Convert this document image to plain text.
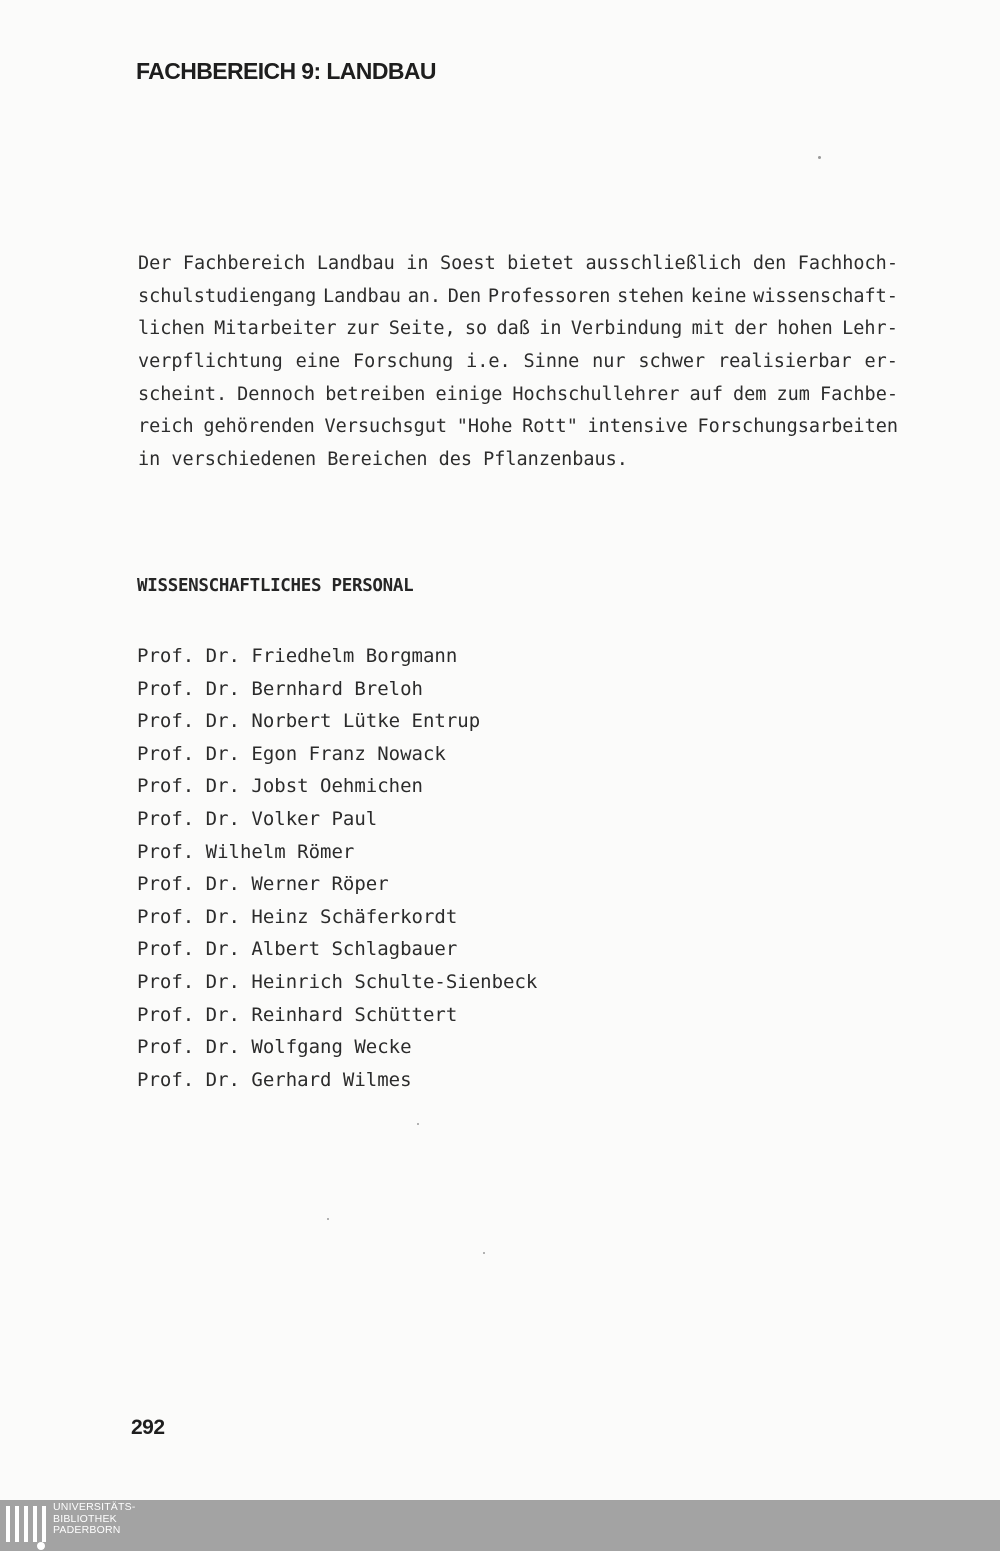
FACHBEREICH 9: LANDBAU
Der Fachbereich Landbau in Soest bietet ausschließlich den Fachhoch-
schulstudiengang Landbau an. Den Professoren stehen keine wissenschaft-
lichen Mitarbeiter zur Seite, so daß in Verbindung mit der hohen Lehr-
verpflichtung eine Forschung i.e. Sinne nur schwer realisierbar er-
scheint. Dennoch betreiben einige Hochschullehrer auf dem zum Fachbe-
reich gehörenden Versuchsgut "Hohe Rott" intensive Forschungsarbeiten
in verschiedenen Bereichen des Pflanzenbaus.
WISSENSCHAFTLICHES PERSONAL
Prof. Dr. Friedhelm Borgmann
Prof. Dr. Bernhard Breloh
Prof. Dr. Norbert Lütke Entrup
Prof. Dr. Egon Franz Nowack
Prof. Dr. Jobst Oehmichen
Prof. Dr. Volker Paul
Prof. Wilhelm Römer
Prof. Dr. Werner Röper
Prof. Dr. Heinz Schäferkordt
Prof. Dr. Albert Schlagbauer
Prof. Dr. Heinrich Schulte-Sienbeck
Prof. Dr. Reinhard Schüttert
Prof. Dr. Wolfgang Wecke
Prof. Dr. Gerhard Wilmes
292
UNIVERSITÄTS-
BIBLIOTHEK
PADERBORN
